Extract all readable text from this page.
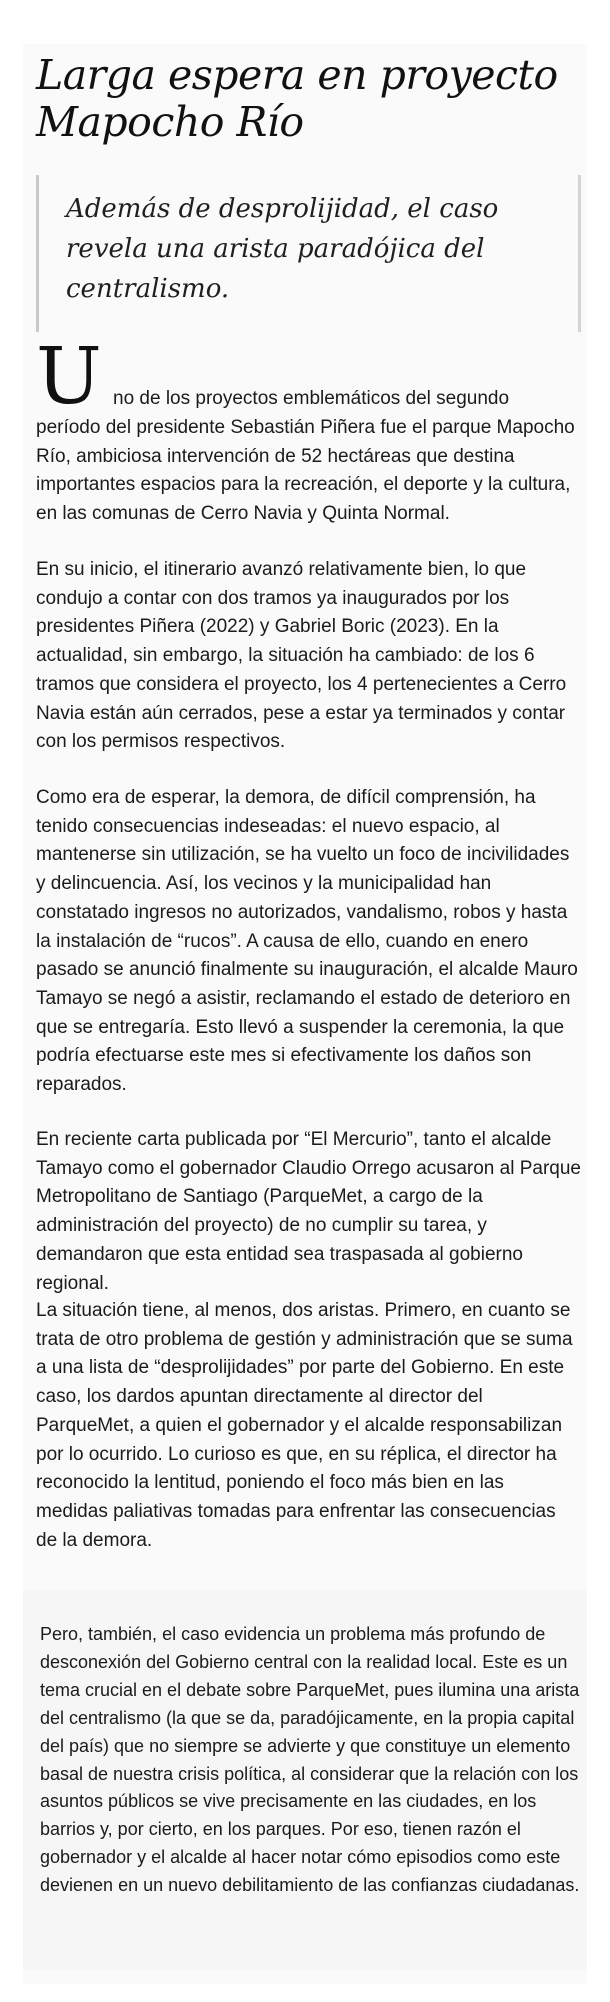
Larga espera en proyecto Mapocho Río

Además de desprolijidad, el caso revela una arista paradójica del centralismo.

U no de los proyectos emblemáticos del segundo

período del presidente Sebastián Piñera fue el parque Mapocho Río, ambiciosa intervención de 52 hectáreas que destina importantes espacios para la recreación, el deporte y la cultura, en las comunas de Cerro Navia y Quinta Normal.

En su inicio, el itinerario avanzó relativamente bien, lo que condujo a contar con dos tramos ya inaugurados por los presidentes Piñera (2022) y Gabriel Boric (2023). En la actualidad, sin embargo, la situación ha cambiado: de los 6 tramos que considera el proyecto, los 4 pertenecientes a Cerro Navia están aún cerrados, pese a estar ya terminados y contar con los permisos respectivos.

Como era de esperar, la demora, de difícil comprensión, ha tenido consecuencias indeseadas: el nuevo espacio, al mantenerse sin utilización, se ha vuelto un foco de incivilidades y delincuencia. Así, los vecinos y la municipalidad han constatado ingresos no autorizados, vandalismo, robos y hasta la instalación de “rucos”. A causa de ello, cuando en enero pasado se anunció finalmente su inauguración, el alcalde Mauro Tamayo se negó a asistir, reclamando el estado de deterioro en que se entregaría. Esto llevó a suspender la ceremonia, la que podría efectuarse este mes si efectivamente los daños son reparados.

En reciente carta publicada por “El Mercurio”, tanto el alcalde Tamayo como el gobernador Claudio Orrego acusaron al Parque Metropolitano de Santiago (ParqueMet, a cargo de la administración del proyecto) de no cumplir su tarea, y demandaron que esta entidad sea traspasada al gobierno regional.

La situación tiene, al menos, dos aristas. Primero, en cuanto se trata de otro problema de gestión y administración que se suma a una lista de “desprolijidades” por parte del Gobierno. En este caso, los dardos apuntan directamente al director del ParqueMet, a quien el gobernador y el alcalde responsabilizan por lo ocurrido. Lo curioso es que, en su réplica, el director ha reconocido la lentitud, poniendo el foco más bien en las medidas paliativas tomadas para enfrentar las consecuencias de la demora.

Pero, también, el caso evidencia un problema más profundo de desconexión del Gobierno central con la realidad local. Este es un tema crucial en el debate sobre ParqueMet, pues ilumina una arista del centralismo (la que se da, paradójicamente, en la propia capital del país) que no siempre se advierte y que constituye un elemento basal de nuestra crisis política, al considerar que la relación con los asuntos públicos se vive precisamente en las ciudades, en los barrios y, por cierto, en los parques. Por eso, tienen razón el gobernador y el alcalde al hacer notar cómo episodios como este devienen en un nuevo debilitamiento de las confianzas ciudadanas.
